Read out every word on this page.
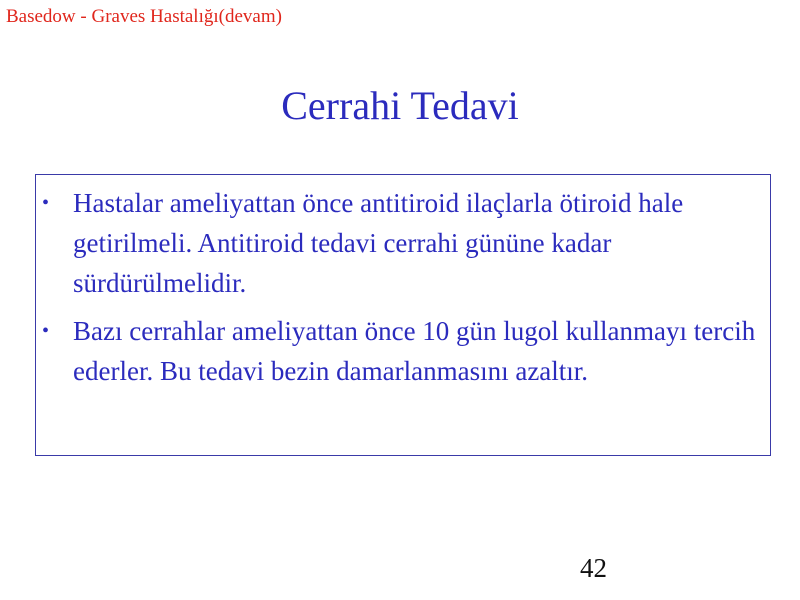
Basedow - Graves Hastalığı(devam)
Cerrahi Tedavi
• Hastalar ameliyattan önce antitiroid ilaçlarla ötiroid hale getirilmeli. Antitiroid tedavi cerrahi gününe kadar sürdürülmelidir.
• Bazı cerrahlar ameliyattan önce 10 gün lugol kullanmayı tercih ederler. Bu tedavi bezin damarlanmasını azaltır.
42
